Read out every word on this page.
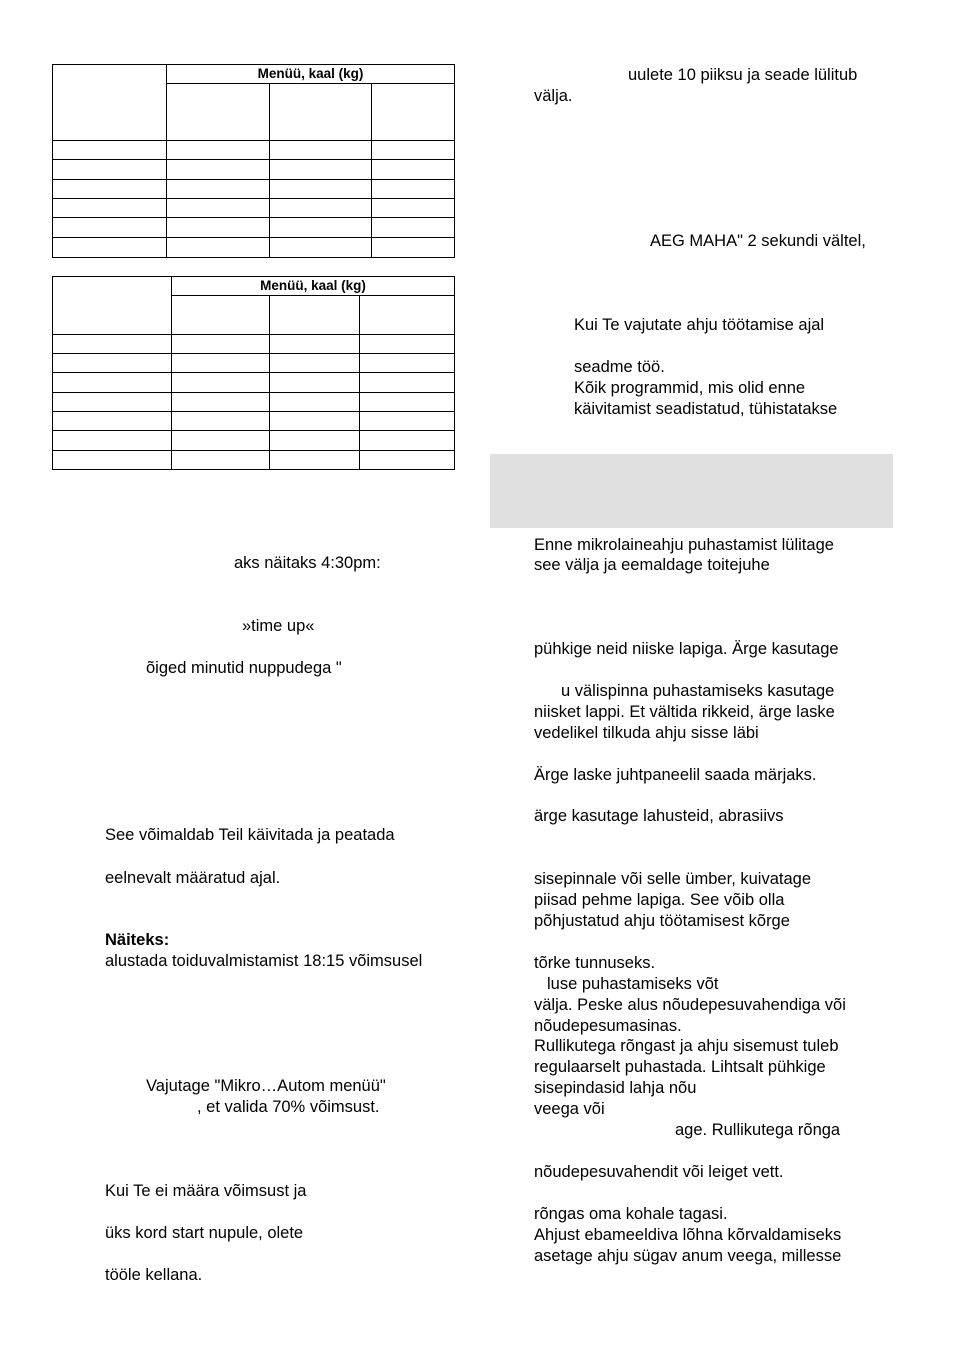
	Menüü, kaal (kg)		

	Menüü, kaal (kg)		

aks näitaks 4:30pm:
»time up«
õiged minutid nuppudega "
See võimaldab Teil käivitada ja peatada
eelnevalt määratud ajal.
Näiteks:
alustada toiduvalmistamist 18:15 võimsusel
Vajutage "Mikro…Autom menüü"
, et valida 70% võimsust.
Kui Te ei määra võimsust ja
üks kord start nupule, olete
tööle kellana.
uulete 10 piiksu ja seade lülitub
välja.
AEG MAHA" 2 sekundi vältel,
Kui Te vajutate ahju töötamise ajal
seadme töö.
Kõik programmid, mis olid enne
käivitamist seadistatud, tühistatakse
Enne mikrolaineahju puhastamist lülitage
see välja ja eemaldage toitejuhe
pühkige neid niiske lapiga. Ärge kasutage
u välispinna puhastamiseks kasutage
niisket lappi. Et vältida rikkeid, ärge laske
vedelikel tilkuda ahju sisse läbi
Ärge laske juhtpaneelil saada märjaks.
ärge kasutage lahusteid, abrasiivs
sisepinnale või selle ümber, kuivatage
piisad pehme lapiga. See võib olla
põhjustatud ahju töötamisest kõrge
tõrke tunnuseks.
luse puhastamiseks võt
välja. Peske alus nõudepesuvahendiga või
nõudepesumasinas.
Rullikutega rõngast ja ahju sisemust tuleb
regulaarselt puhastada. Lihtsalt pühkige
sisepindasid lahja nõu
veega või
age. Rullikutega rõnga
nõudepesuvahendit või leiget vett.
rõngas oma kohale tagasi.
Ahjust ebameeldiva lõhna kõrvaldamiseks
asetage ahju sügav anum veega, millesse
